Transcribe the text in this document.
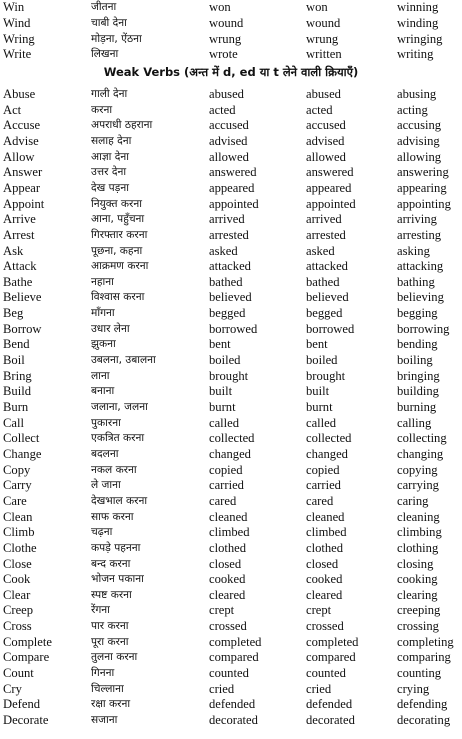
Win	जीतना	won	won	winning
Wind	चाबी देना	wound	wound	winding
Wring	मोड़ना, ऐंठना	wrung	wrung	wringing
Write	लिखना	wrote	written	writing
Weak Verbs (अन्त में d, ed या t लेने वाली क्रियाएँ)
Abuse	गाली देना	abused	abused	abusing
Act	करना	acted	acted	acting
Accuse	अपराधी ठहराना	accused	accused	accusing
Advise	सलाह देना	advised	advised	advising
Allow	आज्ञा देना	allowed	allowed	allowing
Answer	उत्तर देना	answered	answered	answering
Appear	देख पड़ना	appeared	appeared	appearing
Appoint	नियुक्त करना	appointed	appointed	appointing
Arrive	आना, पहुँचना	arrived	arrived	arriving
Arrest	गिरफ्तार करना	arrested	arrested	arresting
Ask	पूछना, कहना	asked	asked	asking
Attack	आक्रमण करना	attacked	attacked	attacking
Bathe	नहाना	bathed	bathed	bathing
Believe	विश्वास करना	believed	believed	believing
Beg	माँगना	begged	begged	begging
Borrow	उधार लेना	borrowed	borrowed	borrowing
Bend	झुकना	bent	bent	bending
Boil	उबलना, उबालना	boiled	boiled	boiling
Bring	लाना	brought	brought	bringing
Build	बनाना	built	built	building
Burn	जलाना, जलना	burnt	burnt	burning
Call	पुकारना	called	called	calling
Collect	एकत्रित करना	collected	collected	collecting
Change	बदलना	changed	changed	changing
Copy	नकल करना	copied	copied	copying
Carry	ले जाना	carried	carried	carrying
Care	देखभाल करना	cared	cared	caring
Clean	साफ करना	cleaned	cleaned	cleaning
Climb	चढ़ना	climbed	climbed	climbing
Clothe	कपड़े पहनना	clothed	clothed	clothing
Close	बन्द करना	closed	closed	closing
Cook	भोजन पकाना	cooked	cooked	cooking
Clear	स्पष्ट करना	cleared	cleared	clearing
Creep	रेंगना	crept	crept	creeping
Cross	पार करना	crossed	crossed	crossing
Complete	पूरा करना	completed	completed	completing
Compare	तुलना करना	compared	compared	comparing
Count	गिनना	counted	counted	counting
Cry	चिल्लाना	cried	cried	crying
Defend	रक्षा करना	defended	defended	defending
Decorate	सजाना	decorated	decorated	decorating
